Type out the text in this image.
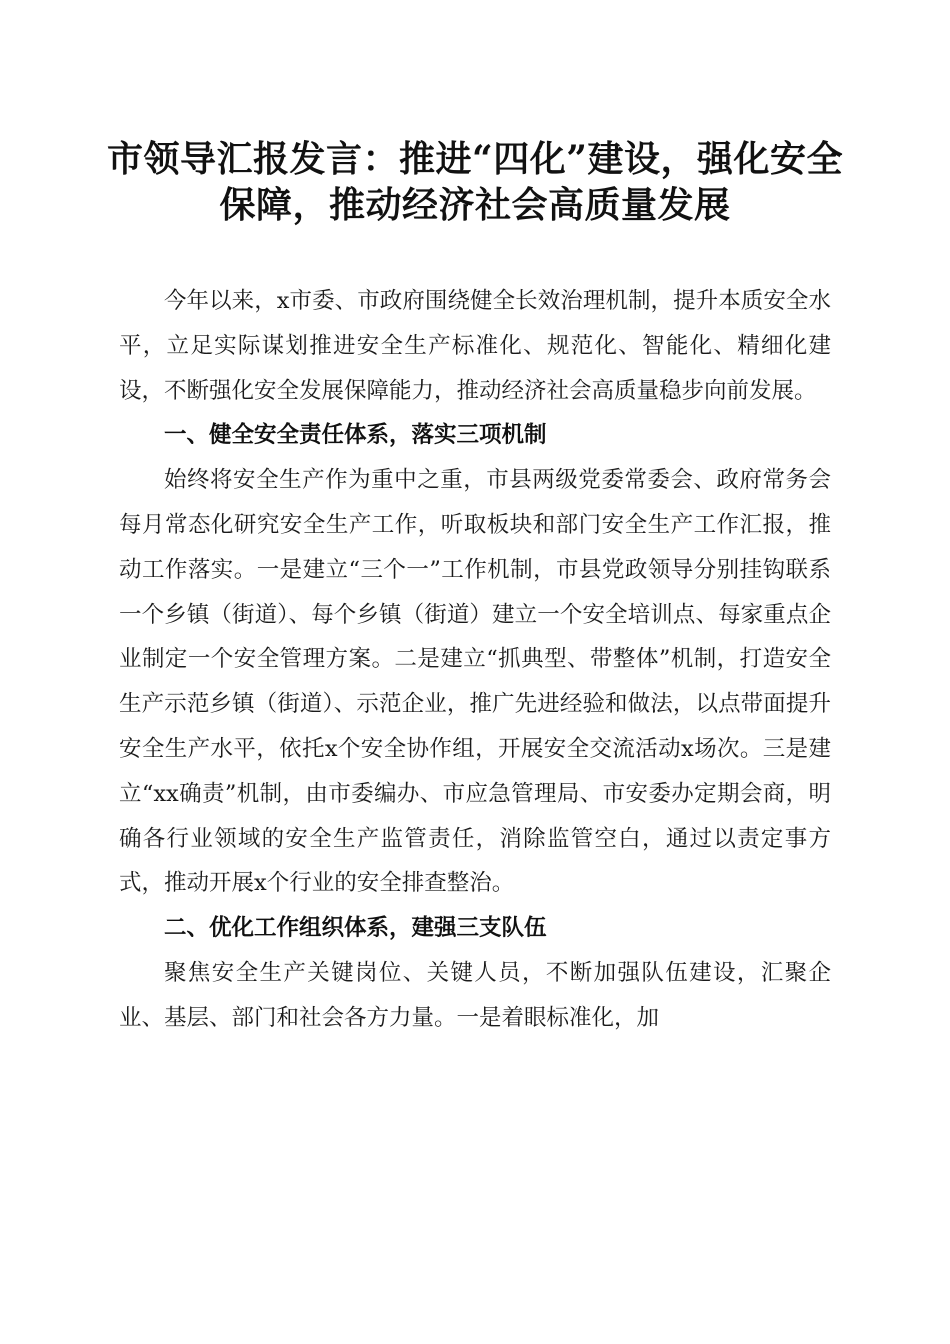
市领导汇报发言：推进“四化”建设，强化安全保障，推动经济社会高质量发展

今年以来，x市委、市政府围绕健全长效治理机制，提升本质安全水平，立足实际谋划推进安全生产标准化、规范化、智能化、精细化建设，不断强化安全发展保障能力，推动经济社会高质量稳步向前发展。

一、健全安全责任体系，落实三项机制

始终将安全生产作为重中之重，市县两级党委常委会、政府常务会每月常态化研究安全生产工作，听取板块和部门安全生产工作汇报，推动工作落实。一是建立“三个一”工作机制，市县党政领导分别挂钩联系一个乡镇（街道）、每个乡镇（街道）建立一个安全培训点、每家重点企业制定一个安全管理方案。二是建立“抓典型、带整体”机制，打造安全生产示范乡镇（街道）、示范企业，推广先进经验和做法，以点带面提升安全生产水平，依托x个安全协作组，开展安全交流活动x场次。三是建立“xx确责”机制，由市委编办、市应急管理局、市安委办定期会商，明确各行业领域的安全生产监管责任，消除监管空白，通过以责定事方式，推动开展x个行业的安全排查整治。

二、优化工作组织体系，建强三支队伍

聚焦安全生产关键岗位、关键人员，不断加强队伍建设，汇聚企业、基层、部门和社会各方力量。一是着眼标准化，加
